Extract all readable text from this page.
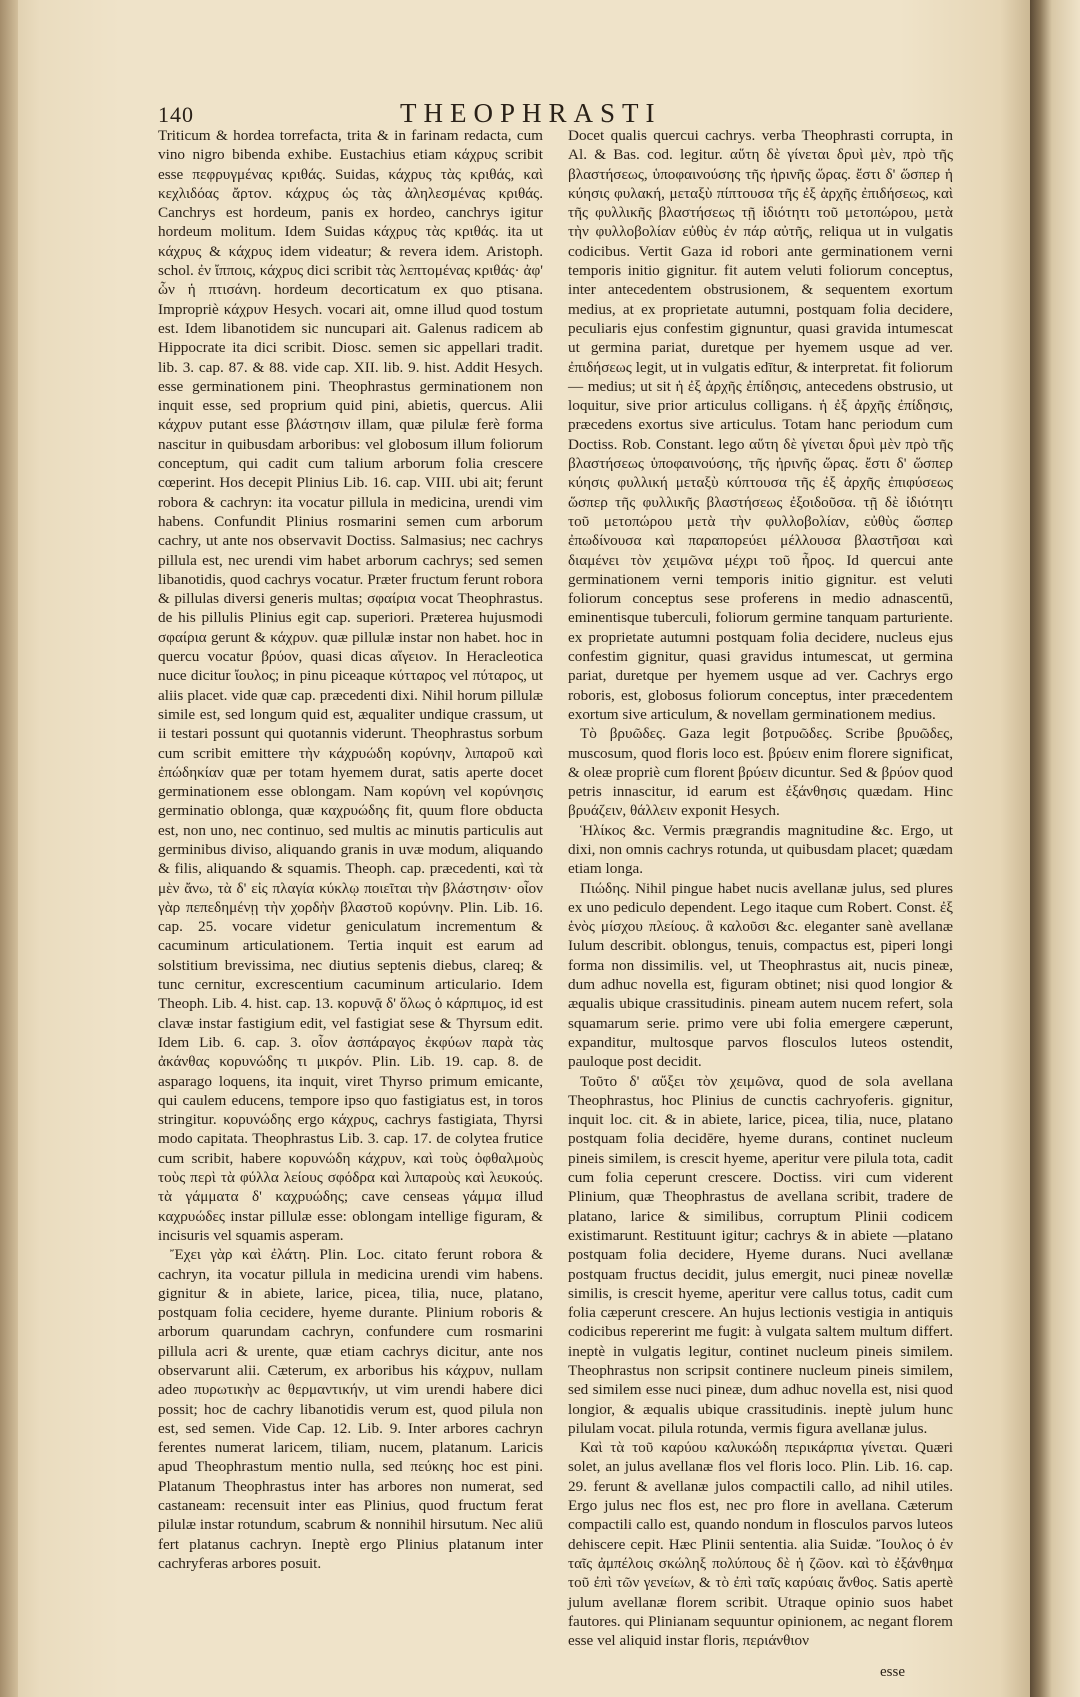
140	THEOPHRASTI

Triticum & hordea torrefacta, trita & in farinam redacta, cum vino nigro bibenda exhibe. Eustachius etiam κάχρυς scribit esse πεφρυγμένας κριθάς. Suidas, κάχρυς τὰς κριθάς, καὶ κεχλιδόας ἄρτον. κάχρυς ὡς τὰς ἀληλεσμένας κριθάς. Canchrys est hordeum, panis ex hordeo, canchrys igitur hordeum molitum. Idem Suidas κάχρυς τὰς κριθάς. ita ut κάχρυς & κάχρυς idem videatur; & revera idem. Aristoph. schol. ἐν ἴπποις, κάχρυς dici scribit τὰς λεπτομένας κριθάς· ἀφ' ὧν ἡ πτισάνη. hordeum decorticatum ex quo ptisana. Impropriè κάχρυν Hesych. vocari ait, omne illud quod tostum est. Idem libanotidem sic nuncupari ait. Galenus radicem ab Hippocrate ita dici scribit. Diosc. semen sic appellari tradit. lib. 3. cap. 87. & 88. vide cap. XII. lib. 9. hist. Addit Hesych. esse germinationem pini. Theophrastus germinationem non inquit esse, sed proprium quid pini, abietis, quercus. Alii κάχρυν putant esse βλάστησιν illam, quæ pilulæ ferè forma nascitur in quibusdam arboribus: vel globosum illum foliorum conceptum, qui cadit cum talium arborum folia crescere cœperint. Hos decepit Plinius Lib. 16. cap. VIII. ubi ait; ferunt robora & cachryn: ita vocatur pillula in medicina, urendi vim habens. Confundit Plinius rosmarini semen cum arborum cachry, ut ante nos observavit Doctiss. Salmasius; nec cachrys pillula est, nec urendi vim habet arborum cachrys; sed semen libanotidis, quod cachrys vocatur. Præter fructum ferunt robora & pillulas diversi generis multas; σφαίρια vocat Theophrastus. de his pillulis Plinius egit cap. superiori. Præterea hujusmodi σφαίρια gerunt & κάχρυν. quæ pillulæ instar non habet. hoc in quercu vocatur βρύον, quasi dicas αἴγειον. In Heracleotica nuce dicitur ἴουλος; in pinu piceaque κύτταρος vel πύταρος, ut aliis placet. vide quæ cap. præcedenti dixi. Nihil horum pillulæ simile est, sed longum quid est, æqualiter undique crassum, ut ii testari possunt qui quotannis viderunt. Theophrastus sorbum cum scribit emittere τὴν κάχρυώδη κορύνην, λιπαροῦ καὶ ἐπώδηκίαν quæ per totam hyemem durat, satis aperte docet germinationem esse oblongam. Nam κορύνη vel κορύνησις germinatio oblonga, quæ καχρυώδης fit, quum flore obducta est, non uno, nec continuo, sed multis ac minutis particulis aut germinibus diviso, aliquando granis in uvæ modum, aliquando & filis, aliquando & squamis. Theoph. cap. præcedenti, καὶ τὰ μὲν ἄνω, τὰ δ' εἰς πλαγία κύκλῳ ποιεῖται τὴν βλάστησιν· οἷον γὰρ πεπεδημένῃ τὴν χορδὴν βλαστοῦ κορύνην. Plin. Lib. 16. cap. 25. vocare videtur geniculatum incrementum & cacuminum articulationem. Tertia inquit est earum ad solstitium brevissima, nec diutius septenis diebus, clareq; & tunc cernitur, excrescentium cacuminum articulario. Idem Theoph. Lib. 4. hist. cap. 13. κορυνᾷ δ' ὅλως ὁ κάρπιμος, id est clavæ instar fastigium edit, vel fastigiat sese & Thyrsum edit. Idem Lib. 6. cap. 3. οἷον ἀσπάραγος ἐκφύων παρὰ τὰς ἀκάνθας κορυνώδης τι μικρόν. Plin. Lib. 19. cap. 8. de asparago loquens, ita inquit, viret Thyrso primum emicante, qui caulem educens, tempore ipso quo fastigiatus est, in toros stringitur. κορυνώδης ergo κάχρυς, cachrys fastigiata, Thyrsi modo capitata. Theophrastus Lib. 3. cap. 17. de colytea frutice cum scribit, habere κορυνώδη κάχρυν, καὶ τοὺς ὀφθαλμοὺς τοὺς περὶ τὰ φύλλα λείους σφόδρα καὶ λιπαροὺς καὶ λευκούς. τὰ γάμματα δ' καχρυώδης; cave censeas γάμμα illud καχρυώδες instar pillulæ esse: oblongam intellige figuram, & incisuris vel squamis asperam.

Ἔχει γὰρ καὶ ἐλάτη. Plin. Loc. citato ferunt robora & cachryn, ita vocatur pillula in medicina urendi vim habens. gignitur & in abiete, larice, picea, tilia, nuce, platano, postquam folia cecidere, hyeme durante. Plinium roboris & arborum quarundam cachryn, confundere cum rosmarini pillula acri & urente, quæ etiam cachrys dicitur, ante nos observarunt alii. Cæterum, ex arboribus his κάχρυν, nullam adeo πυρωτικὴν ac θερμαντικήν, ut vim urendi habere dici possit; hoc de cachry libanotidis verum est, quod pilula non est, sed semen. Vide Cap. 12. Lib. 9. Inter arbores cachryn ferentes numerat laricem, tiliam, nucem, platanum. Laricis apud Theophrastum mentio nulla, sed πεύκης hoc est pini. Platanum Theophrastus inter has arbores non numerat, sed castaneam: recensuit inter eas Plinius, quod fructum ferat pilulæ instar rotundum, scabrum & nonnihil hirsutum. Nec aliū fert platanus cachryn. Ineptè ergo Plinius platanum inter cachryferas arbores posuit.

Docet qualis quercui cachrys. verba Theophrasti corrupta, in Al. & Bas. cod. legitur. αὕτη δὲ γίνεται δρυὶ μὲν, πρὸ τῆς βλαστήσεως, ὑποφαινούσης τῆς ἠρινῆς ὥρας. ἔστι δ' ὥσπερ ἡ κύησις φυλακή, μεταξὺ πίπτουσα τῆς ἐξ ἀρχῆς ἐπιδήσεως, καὶ τῆς φυλλικῆς βλαστήσεως τῇ ἰδιότητι τοῦ μετοπώρου, μετὰ τὴν φυλλοβολίαν εὐθὺς ἐν πάρ αὐτῆς, reliqua ut in vulgatis codicibus. Vertit Gaza id robori ante germinationem verni temporis initio gignitur. fit autem veluti foliorum conceptus, inter antecedentem obstrusionem, & sequentem exortum medius, at ex proprietate autumni, postquam folia decidere, peculiaris ejus confestim gignuntur, quasi gravida intumescat ut germina pariat, duretque per hyemem usque ad ver. ἐπιδήσεως legit, ut in vulgatis edītur, & interpretat. fit foliorum — medius; ut sit ἡ ἐξ ἀρχῆς ἐπίδησις, antecedens obstrusio, ut loquitur, sive prior articulus colligans. ἡ ἐξ ἀρχῆς ἐπίδησις, præcedens exortus sive articulus. Totam hanc periodum cum Doctiss. Rob. Constant. lego αὕτη δὲ γίνεται δρυὶ μὲν πρὸ τῆς βλαστήσεως ὑποφαινούσης, τῆς ἠρινῆς ὥρας. ἔστι δ' ὥσπερ κύησις φυλλική μεταξὺ κύπτουσα τῆς ἐξ ἀρχῆς ἐπιφύσεως ὥσπερ τῆς φυλλικῆς βλαστήσεως ἐξοιδοῦσα. τῇ δὲ ἰδιότητι τοῦ μετοπώρου μετὰ τὴν φυλλοβολίαν, εὐθὺς ὥσπερ ἐπωδίνουσα καὶ παραπορεύει μέλλουσα βλαστῆσαι καὶ διαμένει τὸν χειμῶνα μέχρι τοῦ ἦρος. Id quercui ante germinationem verni temporis initio gignitur. est veluti foliorum conceptus sese proferens in medio adnascentū, eminentisque tuberculi, foliorum germine tanquam parturiente. ex proprietate autumni postquam folia decidere, nucleus ejus confestim gignitur, quasi gravidus intumescat, ut germina pariat, duretque per hyemem usque ad ver. Cachrys ergo roboris, est, globosus foliorum conceptus, inter præcedentem exortum sive articulum, & novellam germinationem medius.

Τὸ βρυῶδες. Gaza legit βοτρυῶδες. Scribe βρυῶδες, muscosum, quod floris loco est. βρύειν enim florere significat, & oleæ propriè cum florent βρύειν dicuntur. Sed & βρύον quod petris innascitur, id earum est ἐξάνθησις quædam. Hinc βρυάζειν, θάλλειν exponit Hesych.

Ἡλίκος &c. Vermis prægrandis magnitudine &c. Ergo, ut dixi, non omnis cachrys rotunda, ut quibusdam placet; quædam etiam longa.

Πιώδης. Nihil pingue habet nucis avellanæ julus, sed plures ex uno pediculo dependent. Lego itaque cum Robert. Const. ἐξ ἑνὸς μίσχου πλείους. ἃ καλοῦσι &c. eleganter sanè avellanæ Iulum describit. oblongus, tenuis, compactus est, piperi longi forma non dissimilis. vel, ut Theophrastus ait, nucis pineæ, dum adhuc novella est, figuram obtinet; nisi quod longior & æqualis ubique crassitudinis. pineam autem nucem refert, sola squamarum serie. primo vere ubi folia emergere cæperunt, expanditur, multosque parvos flosculos luteos ostendit, pauloque post decidit.

Τοῦτο δ' αὔξει τὸν χειμῶνα, quod de sola avellana Theophrastus, hoc Plinius de cunctis cachryoferis. gignitur, inquit loc. cit. & in abiete, larice, picea, tilia, nuce, platano postquam folia decidēre, hyeme durans, continet nucleum pineis similem, is crescit hyeme, aperitur vere pilula tota, cadit cum folia ceperunt crescere. Doctiss. viri cum viderent Plinium, quæ Theophrastus de avellana scribit, tradere de platano, larice & similibus, corruptum Plinii codicem existimarunt. Restituunt igitur; cachrys & in abiete —platano postquam folia decidere, Hyeme durans. Nuci avellanæ postquam fructus decidit, julus emergit, nuci pineæ novellæ similis, is crescit hyeme, aperitur vere callus totus, cadit cum folia cæperunt crescere. An hujus lectionis vestigia in antiquis codicibus repererint me fugit: à vulgata saltem multum differt. ineptè in vulgatis legitur, continet nucleum pineis similem. Theophrastus non scripsit continere nucleum pineis similem, sed similem esse nuci pineæ, dum adhuc novella est, nisi quod longior, & æqualis ubique crassitudinis. ineptè julum hunc pilulam vocat. pilula rotunda, vermis figura avellanæ julus.

Καὶ τὰ τοῦ καρύου καλυκώδη περικάρπια γίνεται. Quæri solet, an julus avellanæ flos vel floris loco. Plin. Lib. 16. cap. 29. ferunt & avellanæ julos compactili callo, ad nihil utiles. Ergo julus nec flos est, nec pro flore in avellana. Cæterum compactili callo est, quando nondum in flosculos parvos luteos dehiscere cepit. Hæc Plinii sententia. alia Suidæ. Ἴουλος ὁ ἐν ταῖς ἀμπέλοις σκώληξ πολύπους δὲ ἡ ζῶον. καὶ τὸ ἐξάνθημα τοῦ ἐπὶ τῶν γενείων, & τὸ ἐπὶ ταῖς καρύαις ἄνθος. Satis apertè julum avellanæ florem scribit. Utraque opinio suos habet fautores. qui Plinianam sequuntur opinionem, ac negant florem esse vel aliquid instar floris, περιάνθιον

esse
